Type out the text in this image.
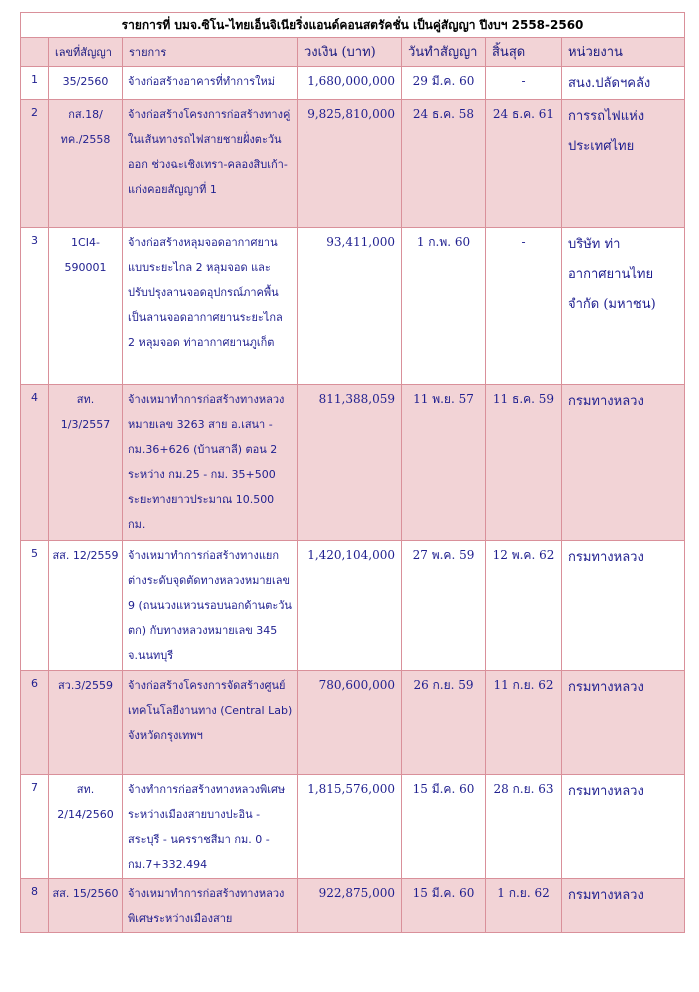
รายการที่ บมจ.ซิโน-ไทยเอ็นจิเนียริ่งแอนด์คอนสตรัคชั่น เป็นคู่สัญญา ปีงบฯ 2558-2560						
	เลขที่สัญญา	รายการ	วงเงิน (บาท)	วันทำสัญญา	สิ้นสุด	หน่วยงาน
1	35/2560	จ้างก่อสร้างอาคารที่ทำการใหม่	1,680,000,000	29 มี.ค. 60	-	สนง.ปลัดฯคลัง
2	กส.18/ทค./2558	จ้างก่อสร้างโครงการก่อสร้างทางคู่ในเส้นทางรถไฟสายชายฝั่งตะวันออก ช่วงฉะเชิงเทรา-คลองสิบเก้า-แก่งคอยสัญญาที่ 1	9,825,810,000	24 ธ.ค. 58	24 ธ.ค. 61	การรถไฟแห่งประเทศไทย
3	1CI4-590001	จ้างก่อสร้างหลุมจอดอากาศยานแบบระยะไกล 2 หลุมจอด และปรับปรุงลานจอดอุปกรณ์ภาคพื้นเป็นลานจอดอากาศยานระยะไกล 2 หลุมจอด ท่าอากาศยานภูเก็ต	93,411,000	1 ก.พ. 60	-	บริษัท ท่าอากาศยานไทย จำกัด (มหาชน)
4	สท. 1/3/2557	จ้างเหมาทำการก่อสร้างทางหลวงหมายเลข 3263 สาย อ.เสนา - กม.36+626 (บ้านสาลี) ตอน 2 ระหว่าง กม.25 - กม. 35+500 ระยะทางยาวประมาณ 10.500 กม.	811,388,059	11 พ.ย. 57	11 ธ.ค. 59	กรมทางหลวง
5	สส. 12/2559	จ้างเหมาทำการก่อสร้างทางแยกต่างระดับจุดตัดทางหลวงหมายเลข 9 (ถนนวงแหวนรอบนอกด้านตะวันตก) กับทางหลวงหมายเลข 345 จ.นนทบุรี	1,420,104,000	27 พ.ค. 59	12 พ.ค. 62	กรมทางหลวง
6	สว.3/2559	จ้างก่อสร้างโครงการจัดสร้างศูนย์เทคโนโลยีงานทาง (Central Lab) จังหวัดกรุงเทพฯ	780,600,000	26 ก.ย. 59	11 ก.ย. 62	กรมทางหลวง
7	สท. 2/14/2560	จ้างทำการก่อสร้างทางหลวงพิเศษระหว่างเมืองสายบางปะอิน - สระบุรี - นครราชสีมา กม. 0 - กม.7+332.494	1,815,576,000	15 มี.ค. 60	28 ก.ย. 63	กรมทางหลวง
8	สส. 15/2560	จ้างเหมาทำการก่อสร้างทางหลวงพิเศษระหว่างเมืองสาย	922,875,000	15 มี.ค. 60	1 ก.ย. 62	กรมทางหลวง
